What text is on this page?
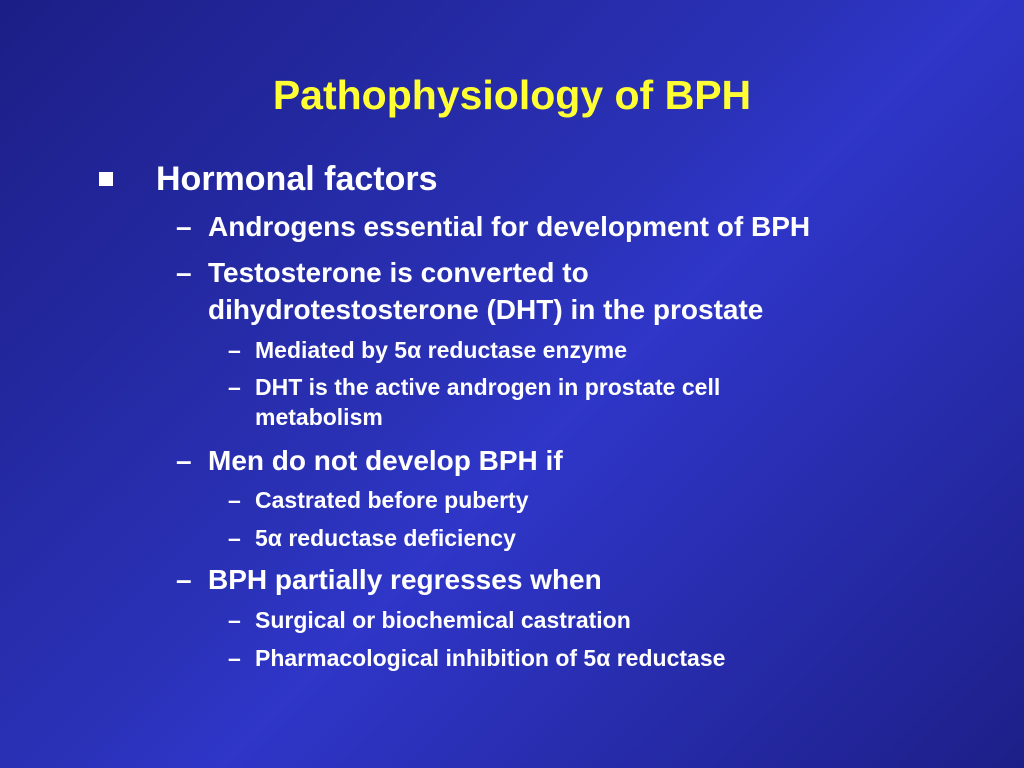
Pathophysiology of BPH
Hormonal factors
– Androgens essential for development of BPH
– Testosterone is converted to
dihydrotestosterone (DHT) in the prostate
– Mediated by 5α reductase enzyme
– DHT is the active androgen in prostate cell
metabolism
– Men do not develop BPH if
– Castrated before puberty
– 5α reductase deficiency
– BPH partially regresses when
– Surgical or biochemical castration
– Pharmacological inhibition of 5α reductase
